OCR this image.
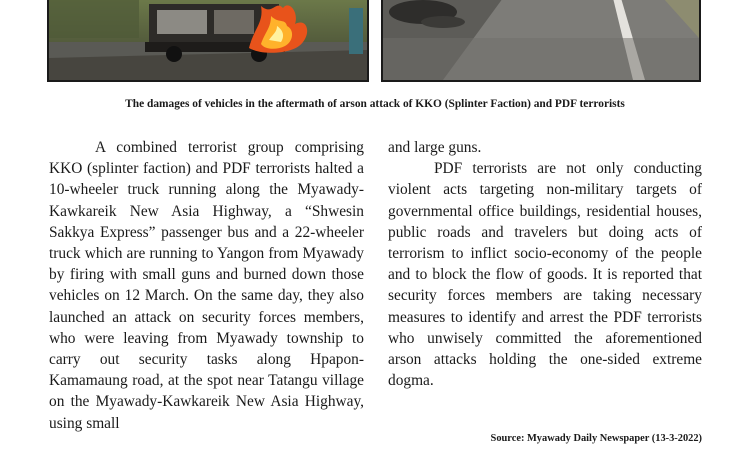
The damages of vehicles in the aftermath of arson attack of KKO (Splinter Faction) and PDF terrorists

A combined terrorist group comprising KKO (splinter faction) and PDF terrorists halted a 10-wheeler truck running along the Myawady-Kawkareik New Asia Highway, a “Shwesin Sakkya Express” passenger bus and a 22-wheeler truck which are running to Yangon from Myawady by firing with small guns and burned down those vehicles on 12 March. On the same day, they also launched an attack on security forces members, who were leaving from Myawady township to carry out security tasks along Hpapon-Kamamaung road, at the spot near Tatangu village on the Myawady-Kawkareik New Asia Highway, using small

and large guns.

PDF terrorists are not only conducting violent acts targeting non-military targets of governmental office buildings, residential houses, public roads and travelers but doing acts of terrorism to inflict socio-economy of the people and to block the flow of goods. It is reported that security forces members are taking necessary measures to identify and arrest the PDF terrorists who unwisely committed the aforementioned arson attacks holding the one-sided extreme dogma.

Source: Myawady Daily Newspaper (13-3-2022)
